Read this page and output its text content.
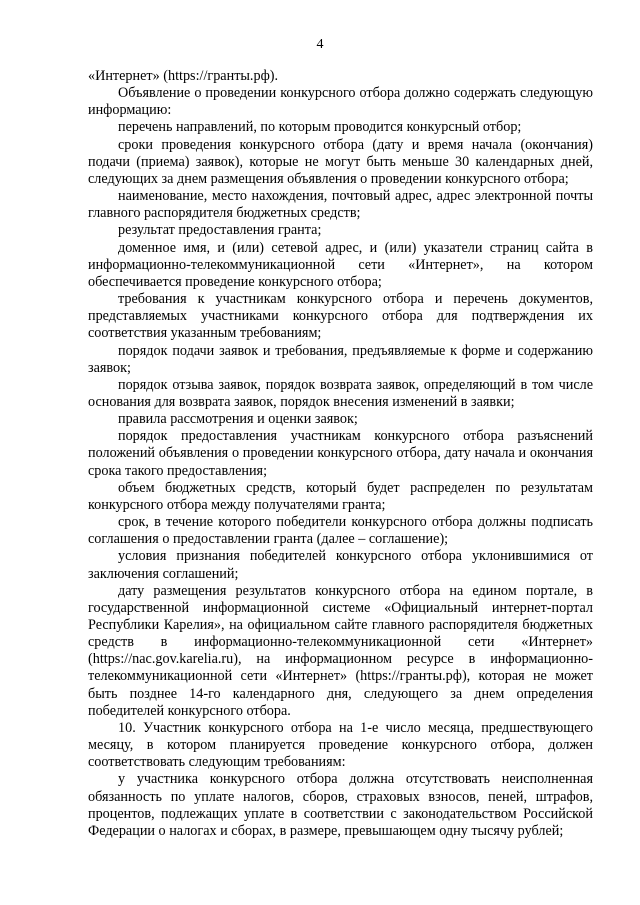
4

«Интернет» (https://гранты.рф).

Объявление о проведении конкурсного отбора должно содержать следующую информацию:

перечень направлений, по которым проводится конкурсный отбор;

сроки проведения конкурсного отбора (дату и время начала (окончания) подачи (приема) заявок), которые не могут быть меньше 30 календарных дней, следующих за днем размещения объявления о проведении конкурсного отбора;

наименование, место нахождения, почтовый адрес, адрес электронной почты главного распорядителя бюджетных средств;

результат предоставления гранта;

доменное имя, и (или) сетевой адрес, и (или) указатели страниц сайта в информационно-телекоммуникационной сети «Интернет», на котором обеспечивается проведение конкурсного отбора;

требования к участникам конкурсного отбора и перечень документов, представляемых участниками конкурсного отбора для подтверждения их соответствия указанным требованиям;

порядок подачи заявок и требования, предъявляемые к форме и содержанию заявок;

порядок отзыва заявок, порядок возврата заявок, определяющий в том числе основания для возврата заявок, порядок внесения изменений в заявки;

правила рассмотрения и оценки заявок;

порядок предоставления участникам конкурсного отбора разъяснений положений объявления о проведении конкурсного отбора, дату начала и окончания срока такого предоставления;

объем бюджетных средств, который будет распределен по результатам конкурсного отбора между получателями гранта;

срок, в течение которого победители конкурсного отбора должны подписать соглашения о предоставлении гранта (далее – соглашение);

условия признания победителей конкурсного отбора уклонившимися от заключения соглашений;

дату размещения результатов конкурсного отбора на едином портале, в государственной информационной системе «Официальный интернет-портал Республики Карелия», на официальном сайте главного распорядителя бюджетных средств в информационно-телекоммуникационной сети «Интернет» (https://nac.gov.karelia.ru), на информационном ресурсе в информационно-телекоммуникационной сети «Интернет» (https://гранты.рф), которая не может быть позднее 14-го календарного дня, следующего за днем определения победителей конкурсного отбора.

10. Участник конкурсного отбора на 1-е число месяца, предшествующего месяцу, в котором планируется проведение конкурсного отбора, должен соответствовать следующим требованиям:

у участника конкурсного отбора должна отсутствовать неисполненная обязанность по уплате налогов, сборов, страховых взносов, пеней, штрафов, процентов, подлежащих уплате в соответствии с законодательством Российской Федерации о налогах и сборах, в размере, превышающем одну тысячу рублей;
